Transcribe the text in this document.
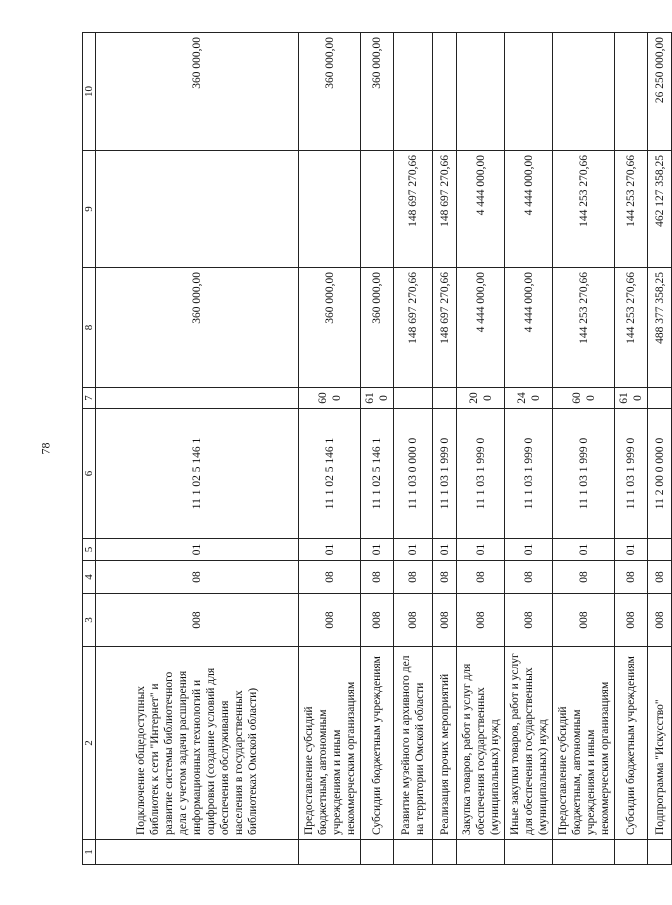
78
1	2	3	4	5	6	7	8	9	10
	Подключение общедоступных библиотек к сети "Интернет" и развитие системы библиотечного дела с учетом задачи расширения информационных технологий и оцифровки (создание условий для обеспечения обслуживания населения в государственных библиотеках Омской области)	008	08	01	11 1 02 5 146 1		360 000,00		360 000,00
	Предоставление субсидий бюджетным, автономным учреждениям и иным некоммерческим организациям	008	08	01	11 1 02 5 146 1	600	360 000,00		360 000,00
	Субсидии бюджетным учреждениям	008	08	01	11 1 02 5 146 1	610	360 000,00		360 000,00
	Развитие музейного и архивного дел на территории Омской области	008	08	01	11 1 03 0 000 0		148 697 270,66	148 697 270,66	
	Реализация прочих мероприятий	008	08	01	11 1 03 1 999 0		148 697 270,66	148 697 270,66	
	Закупка товаров, работ и услуг для обеспечения государственных (муниципальных) нужд	008	08	01	11 1 03 1 999 0	200	4 444 000,00	4 444 000,00	
	Иные закупки товаров, работ и услуг для обеспечения государственных (муниципальных) нужд	008	08	01	11 1 03 1 999 0	240	4 444 000,00	4 444 000,00	
	Предоставление субсидий бюджетным, автономным учреждениям и иным некоммерческим организациям	008	08	01	11 1 03 1 999 0	600	144 253 270,66	144 253 270,66	
	Субсидии бюджетным учреждениям	008	08	01	11 1 03 1 999 0	610	144 253 270,66	144 253 270,66	
	Подпрограмма "Искусство"	008	08		11 2 00 0 000 0		488 377 358,25	462 127 358,25	26 250 000,00
